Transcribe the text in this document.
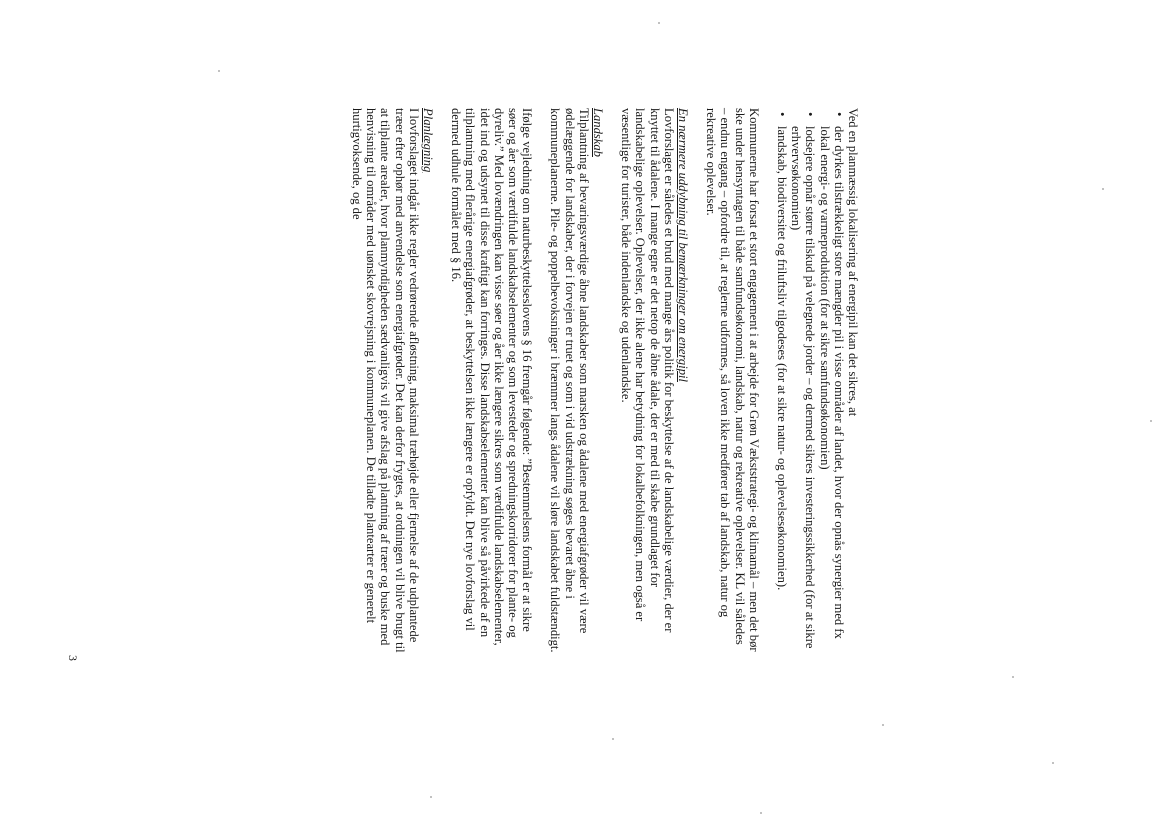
Ved en planmæssig lokalisering af energipil kan det sikres, at

• der dyrkes tilstrækkeligt store mængder pil i visse områder af landet, hvor der opnås synergier med fx lokal energi- og varmeproduktion (for at sikre samfundsøkonomien)
• lodsejere opnår større tilskud på velegnede jorder – og dermed sikres investeringssikkerhed (for at sikre erhvervsøkonomien)
• landskab, biodiversitet og friluftsliv tilgodeses (for at sikre natur- og oplevelsesøkonomien).

Kommunerne har forsat et stort engagement i at arbejde for Grøn Vækststrategi- og klimamål – men det bør ske under hensyntagen til både samfundsøkonomi, landskab, natur og rekreative oplevelser. KL vil således – endnu engang – opfordre til, at reglerne udformes, så loven ikke medfører tab af landskab, natur og rekreative oplevelser.

En nærmere uddybning til bemærkninger om energipil

Lovforslaget er således et brud med mange års politik for beskyttelse af de landskabelige værdier, der er knyttet til ådalene. I mange egne er det netop de åbne ådale, der er med til skabe grundlaget for landskabelige oplevelser. Oplevelser, der ikke alene har betydning for lokalbefolkningen, men også er væsentlige for turister, både indenlandske og udenlandske.

Landskab

Tilplantning af bevaringsværdige åbne landskaber som marsken og ådalene med energiafgrøder vil være ødelæggende for landskaber, der i forvejen er truet og som i vid udstrækning søges bevaret åbne i kommuneplanerne. Pile- og poppelbevoksninger i bræmmer langs ådalene vil sløre landskabet fuldstændigt.

Ifølge vejledning om naturbeskyttelseslovens § 16 fremgår følgende: ”Bestemmelsens formål er at sikre søer og åer som værdifulde landskabselementer og som levesteder og spredningskorridorer for plante- og dyreliv.” Med lovændringen kan visse søer og åer ikke længere sikres som værdifulde landskabselementer, idet ind og udsynet til disse kraftigt kan forringes. Disse landskabselementer kan blive så påvirkede af en tilplantning med flerårige energiafgrøder, at beskyttelsen ikke længere er opfyldt. Det nye lovforslag vil dermed udhule formålet med § 16.

Planlægning

I lovforslaget indgår ikke regler vedrørende afløstning, maksimal træhøjde eller fjernelse af de udplantede træer efter ophør med anvendelse som energiafgrøder. Det kan derfor frygtes, at ordningen vil blive brugt til at tilplante arealer, hvor planmyndigheden sædvanligvis vil give afslag på plantning af træer og buske med henvisning til områder med uønsket skovrejsning i kommuneplanen. De tilladte plantearter er generelt hurtigvoksende, og de

3
